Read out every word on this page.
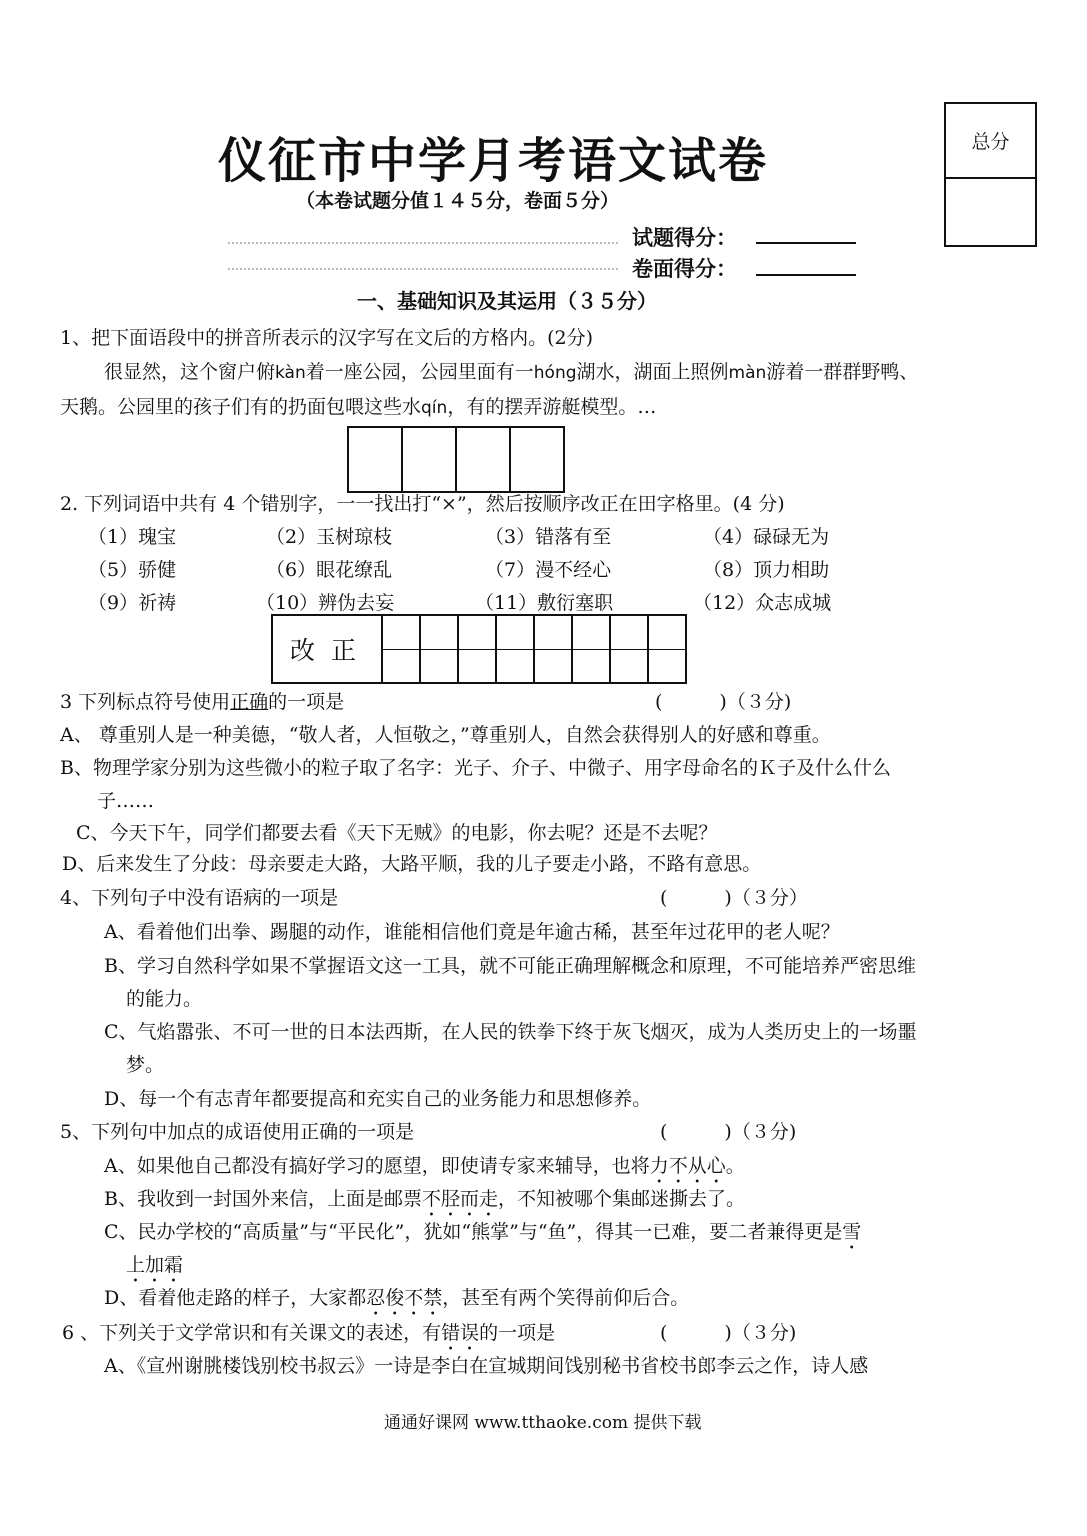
仪征市中学月考语文试卷
（本卷试题分值１４５分，卷面５分）
试题得分：
卷面得分：
总分
一、基础知识及其运用（３５分）
1、把下面语段中的拼音所表示的汉字写在文后的方格内。(2分)
很显然，这个窗户俯kàn着一座公园，公园里面有一hóng湖水，湖面上照例màn游着一群群野鸭、
天鹅。公园里的孩子们有的扔面包喂这些水qín，有的摆弄游艇模型。…
2. 下列词语中共有 4 个错别字，一一找出打“×”，然后按顺序改正在田字格里。(4 分)
（1）瑰宝	（2）玉树琼枝	（3）错落有至	（4）碌碌无为
（5）骄健	（6）眼花缭乱	（7）漫不经心	（8）顶力相助
（9）祈祷	（10）辨伪去妄	（11）敷衍塞职	（12）众志成城
改正
3 下列标点符号使用正确的一项是	(　　　)（３分)
A、 尊重别人是一种美德，“敬人者，人恒敬之，”尊重别人，自然会获得别人的好感和尊重。
B、物理学家分别为这些微小的粒子取了名字：光子、介子、中微子、用字母命名的Ｋ子及什么什么
子……
C、今天下午，同学们都要去看《天下无贼》的电影，你去呢？还是不去呢？
D、后来发生了分歧：母亲要走大路，大路平顺，我的儿子要走小路，不路有意思。
4、下列句子中没有语病的一项是	(　　　)（３分）
A、看着他们出拳、踢腿的动作，谁能相信他们竟是年逾古稀，甚至年过花甲的老人呢？
B、学习自然科学如果不掌握语文这一工具，就不可能正确理解概念和原理，不可能培养严密思维
的能力。
C、气焰嚣张、不可一世的日本法西斯，在人民的铁拳下终于灰飞烟灭，成为人类历史上的一场噩
梦。
D、每一个有志青年都要提高和充实自己的业务能力和思想修养。
5、下列句中加点的成语使用正确的一项是	(　　　)（３分)
A、如果他自己都没有搞好学习的愿望，即使请专家来辅导，也将力不从心。
B、我收到一封国外来信，上面是邮票不胫而走，不知被哪个集邮迷撕去了。
C、民办学校的“高质量”与“平民化”，犹如“熊掌”与“鱼”，得其一已难，要二者兼得更是雪
上加霜
D、看着他走路的样子，大家都忍俊不禁，甚至有两个笑得前仰后合。
6 、下列关于文学常识和有关课文的表述，有错误的一项是	(　　　)（３分)
A、《宣州谢朓楼饯别校书叔云》一诗是李白在宣城期间饯别秘书省校书郎李云之作，诗人感
通通好课网 www.tthaoke.com 提供下载
